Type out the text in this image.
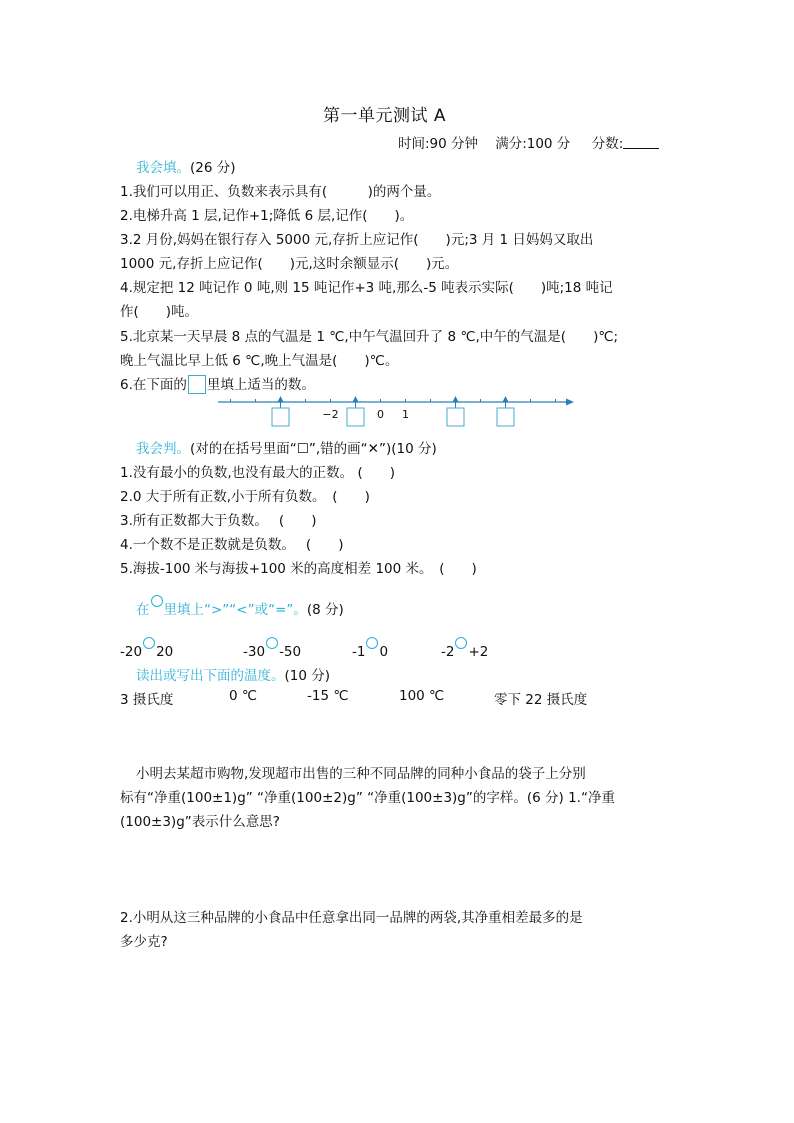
第一单元测试 A
时间:90 分钟 满分:100 分 分数:
我会填。(26 分)
1.我们可以用正、负数来表示具有(　　　)的两个量。
2.电梯升高 1 层,记作+1;降低 6 层,记作(　　)。
3.2 月份,妈妈在银行存入 5000 元,存折上应记作(　　)元;3 月 1 日妈妈又取出
1000 元,存折上应记作(　　)元,这时余额显示(　　)元。
4.规定把 12 吨记作 0 吨,则 15 吨记作+3 吨,那么-5 吨表示实际(　　)吨;18 吨记
作(　　)吨。
5.北京某一天早晨 8 点的气温是 1 ℃,中午气温回升了 8 ℃,中午的气温是(　　)℃;
晚上气温比早上低 6 ℃,晚上气温是(　　)℃。
6.在下面的 里填上适当的数。
−2	0 1
我会判。(对的在括号里面“☐”,错的画“✕”)(10 分)
1.没有最小的负数,也没有最大的正数。 (　　)
2.0 大于所有正数,小于所有负数。　(　　)
3.所有正数都大于负数。　 (　　)
4.一个数不是正数就是负数。　 (　　)
5.海拔-100 米与海拔+100 米的高度相差 100 米。　(　　)
在 里填上“>”“<”或“=”。(8 分)
-20 20	-30 -50	-1 0	-2 +2
读出或写出下面的温度。(10 分)
3 摄氏度	0 ℃	-15 ℃	100 ℃	零下 22 摄氏度
小明去某超市购物,发现超市出售的三种不同品牌的同种小食品的袋子上分别
标有“净重(100±1)g” “净重(100±2)g” “净重(100±3)g”的字样。(6 分) 1.“净重
(100±3)g”表示什么意思?
2.小明从这三种品牌的小食品中任意拿出同一品牌的两袋,其净重相差最多的是
多少克?
